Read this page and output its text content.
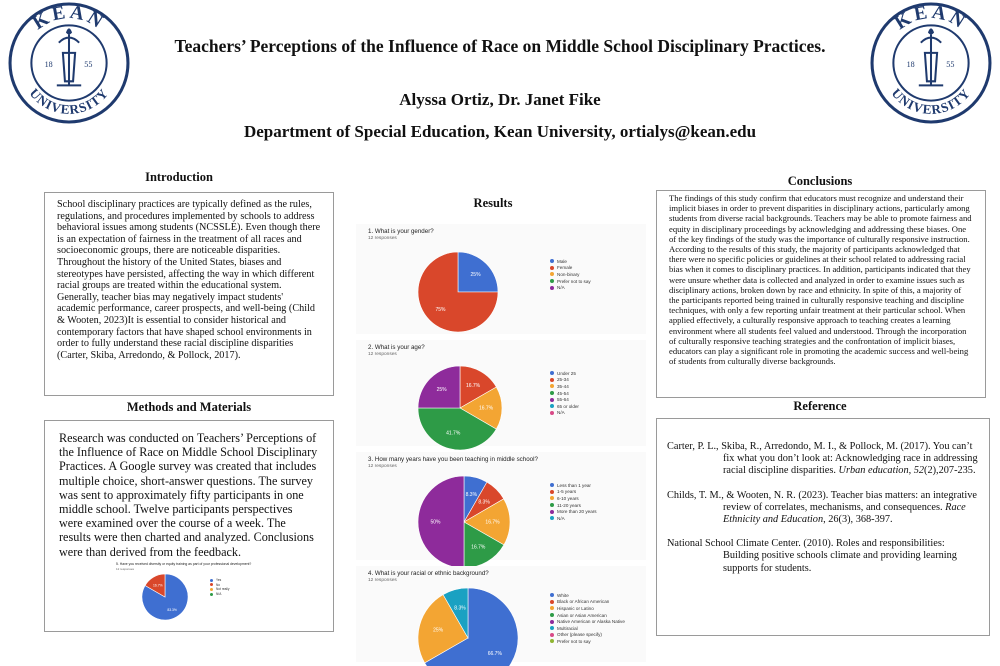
KEAN
UNIVERSITY
18	55
KEAN
UNIVERSITY
18	55
Teachers’ Perceptions of the Influence of Race on Middle School Disciplinary Practices.
Alyssa Ortiz, Dr. Janet Fike
Department of Special Education, Kean University, ortialys@kean.edu
Introduction

School disciplinary practices are typically defined as the rules, regulations, and procedures implemented by schools to address behavioral issues among students (NCSSLE). Even though there is an expectation of fairness in the treatment of all races and socioeconomic groups, there are noticeable disparities. Throughout the history of the United States, biases and stereotypes have persisted, affecting the way in which different racial groups are treated within the educational system. Generally, teacher bias may negatively impact students' academic performance, career prospects, and well-being (Child & Wooten, 2023)It is essential to consider historical and contemporary factors that have shaped school environments in order to fully understand these racial discipline disparities (Carter, Skiba, Arredondo, & Pollock, 2017).

Methods and Materials

Research was conducted on Teachers’ Perceptions of the Influence of Race on Middle School Disciplinary Practices. A Google survey was created that includes multiple choice, short-answer questions. The survey was sent to approximately fifty participants in one middle school. Twelve participants perspectives were examined over the course of a week. The results were then charted and analyzed. Conclusions were than derived from the feedback.

5. Have you received diversity or equity training as part of your professional development?
12 responses
83.3%
16.7%
Yes
No
Not really
N/A
Results
1. What is your gender?
12 responses
25%
75%
Male
Female
Non-binary
Prefer not to say
N/A
2. What is your age?
12 responses
16.7%
16.7%
41.7%
25%
Under 25
25-34
35-44
45-54
55-64
65 or older
N/A
3. How many years have you been teaching in middle school?
12 responses
8.3%
8.3%
16.7%
16.7%
50%
Less than 1 year
1-5 years
6-10 years
11-20 years
More than 20 years
N/A
4. What is your racial or ethnic background?
12 responses
66.7%
25%
8.3%
White
Black or African American
Hispanic or Latino
Asian or Asian American
Native American or Alaska Native
Multiracial
Other (please specify)
Prefer not to say
Conclusions

The findings of this study confirm that educators must recognize and understand their implicit biases in order to prevent disparities in disciplinary actions, particularly among students from diverse racial backgrounds. Teachers may be able to promote fairness and equity in disciplinary proceedings by acknowledging and addressing these biases. One of the key findings of the study was the importance of culturally responsive instruction. According to the results of this study, the majority of participants acknowledged that there were no specific policies or guidelines at their school related to addressing racial bias when it comes to disciplinary practices. In addition, participants indicated that they were unsure whether data is collected and analyzed in order to examine issues such as disciplinary actions, broken down by race and ethnicity. In spite of this, a majority of the participants reported being trained in culturally responsive teaching and discipline techniques, with only a few reporting unfair treatment at their particular school. When applied effectively, a culturally responsive approach to teaching creates a learning environment where all students feel valued and understood. Through the incorporation of culturally responsive teaching strategies and the confrontation of implicit biases, educators can play a significant role in promoting the academic success and well-being of students from culturally diverse backgrounds.

Reference
Carter, P. L., Skiba, R., Arredondo, M. I., & Pollock, M. (2017). You can’t fix what you don’t look at: Acknowledging race in addressing racial discipline disparities. Urban education, 52(2),207-235.
Childs, T. M., & Wooten, N. R. (2023). Teacher bias matters: an integrative review of correlates, mechanisms, and consequences. Race Ethnicity and Education, 26(3), 368-397.
National School Climate Center. (2010). Roles and responsibilities: Building positive schools climate and providing learning supports for students.
